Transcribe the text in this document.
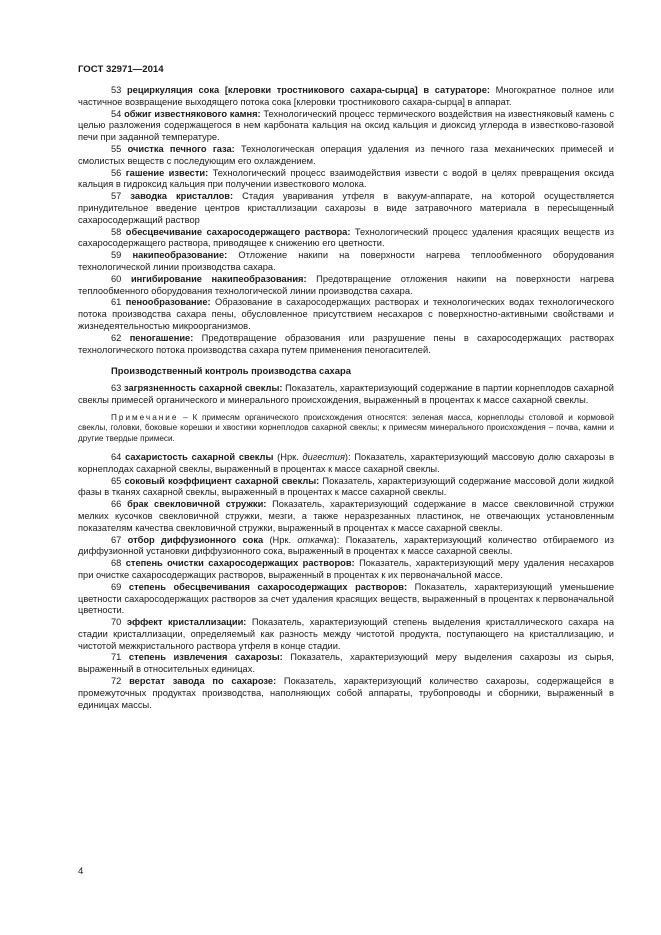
ГОСТ 32971—2014

53 рециркуляция сока [клеровки тростникового сахара-сырца] в сатураторе: Многократное полное или частичное возвращение выходящего потока сока [клеровки тростникового сахара-сырца] в аппарат.

54 обжиг известнякового камня: Технологический процесс термического воздействия на известняковый камень с целью разложения содержащегося в нем карбоната кальция на оксид кальция и диоксид углерода в известково-газовой печи при заданной температуре.

55 очистка печного газа: Технологическая операция удаления из печного газа механических примесей и смолистых веществ с последующим его охлаждением.

56 гашение извести: Технологический процесс взаимодействия извести с водой в целях превращения оксида кальция в гидроксид кальция при получении известкового молока.

57 заводка кристаллов: Стадия уваривания утфеля в вакуум-аппарате, на которой осуществляется принудительное введение центров кристаллизации сахарозы в виде затравочного материала в пересыщенный сахаросодержащий раствор

58 обесцвечивание сахаросодержащего раствора: Технологический процесс удаления красящих веществ из сахаросодержащего раствора, приводящее к снижению его цветности.

59 накипеобразование: Отложение накипи на поверхности нагрева теплообменного оборудования технологической линии производства сахара.

60 ингибирование накипеобразования: Предотвращение отложения накипи на поверхности нагрева теплообменного оборудования технологической линии производства сахара.

61 пенообразование: Образование в сахаросодержащих растворах и технологических водах технологического потока производства сахара пены, обусловленное присутствием несахаров с поверхностно-активными свойствами и жизнедеятельностью микроорганизмов.

62 пеногашение: Предотвращение образования или разрушение пены в сахаросодержащих растворах технологического потока производства сахара путем применения пеногасителей.

Производственный контроль производства сахара

63 загрязненность сахарной свеклы: Показатель, характеризующий содержание в партии корнеплодов сахарной свеклы примесей органического и минерального происхождения, выраженный в процентах к массе сахарной свеклы.

Примечание – К примесям органического происхождения относятся: зеленая масса, корнеплоды столовой и кормовой свеклы, головки, боковые корешки и хвостики корнеплодов сахарной свеклы; к примесям минерального происхождения – почва, камни и другие твердые примеси.

64 сахаристость сахарной свеклы (Нрк. дигестия): Показатель, характеризующий массовую долю сахарозы в корнеплодах сахарной свеклы, выраженный в процентах к массе сахарной свеклы.

65 соковый коэффициент сахарной свеклы: Показатель, характеризующий содержание массовой доли жидкой фазы в тканях сахарной свеклы, выраженный в процентах к массе сахарной свеклы.

66 брак свекловичной стружки: Показатель, характеризующий содержание в массе свекловичной стружки мелких кусочков свекловичной стружки, мезги, а также неразрезанных пластинок, не отвечающих установленным показателям качества свекловичной стружки, выраженный в процентах к массе сахарной свеклы.

67 отбор диффузионного сока (Нрк. откачка): Показатель, характеризующий количество отбираемого из диффузионной установки диффузионного сока, выраженный в процентах к массе сахарной свеклы.

68 степень очистки сахаросодержащих растворов: Показатель, характеризующий меру удаления несахаров при очистке сахаросодержащих растворов, выраженный в процентах к их первоначальной массе.

69 степень обесцвечивания сахаросодержащих растворов: Показатель, характеризующий уменьшение цветности сахаросодержащих растворов за счет удаления красящих веществ, выраженный в процентах к первоначальной цветности.

70 эффект кристаллизации: Показатель, характеризующий степень выделения кристаллического сахара на стадии кристаллизации, определяемый как разность между чистотой продукта, поступающего на кристаллизацию, и чистотой межкристального раствора утфеля в конце стадии.

71 степень извлечения сахарозы: Показатель, характеризующий меру выделения сахарозы из сырья, выраженный в относительных единицах.

72 верстат завода по сахарозе: Показатель, характеризующий количество сахарозы, содержащейся в промежуточных продуктах производства, наполняющих собой аппараты, трубопроводы и сборники, выраженный в единицах массы.

4
